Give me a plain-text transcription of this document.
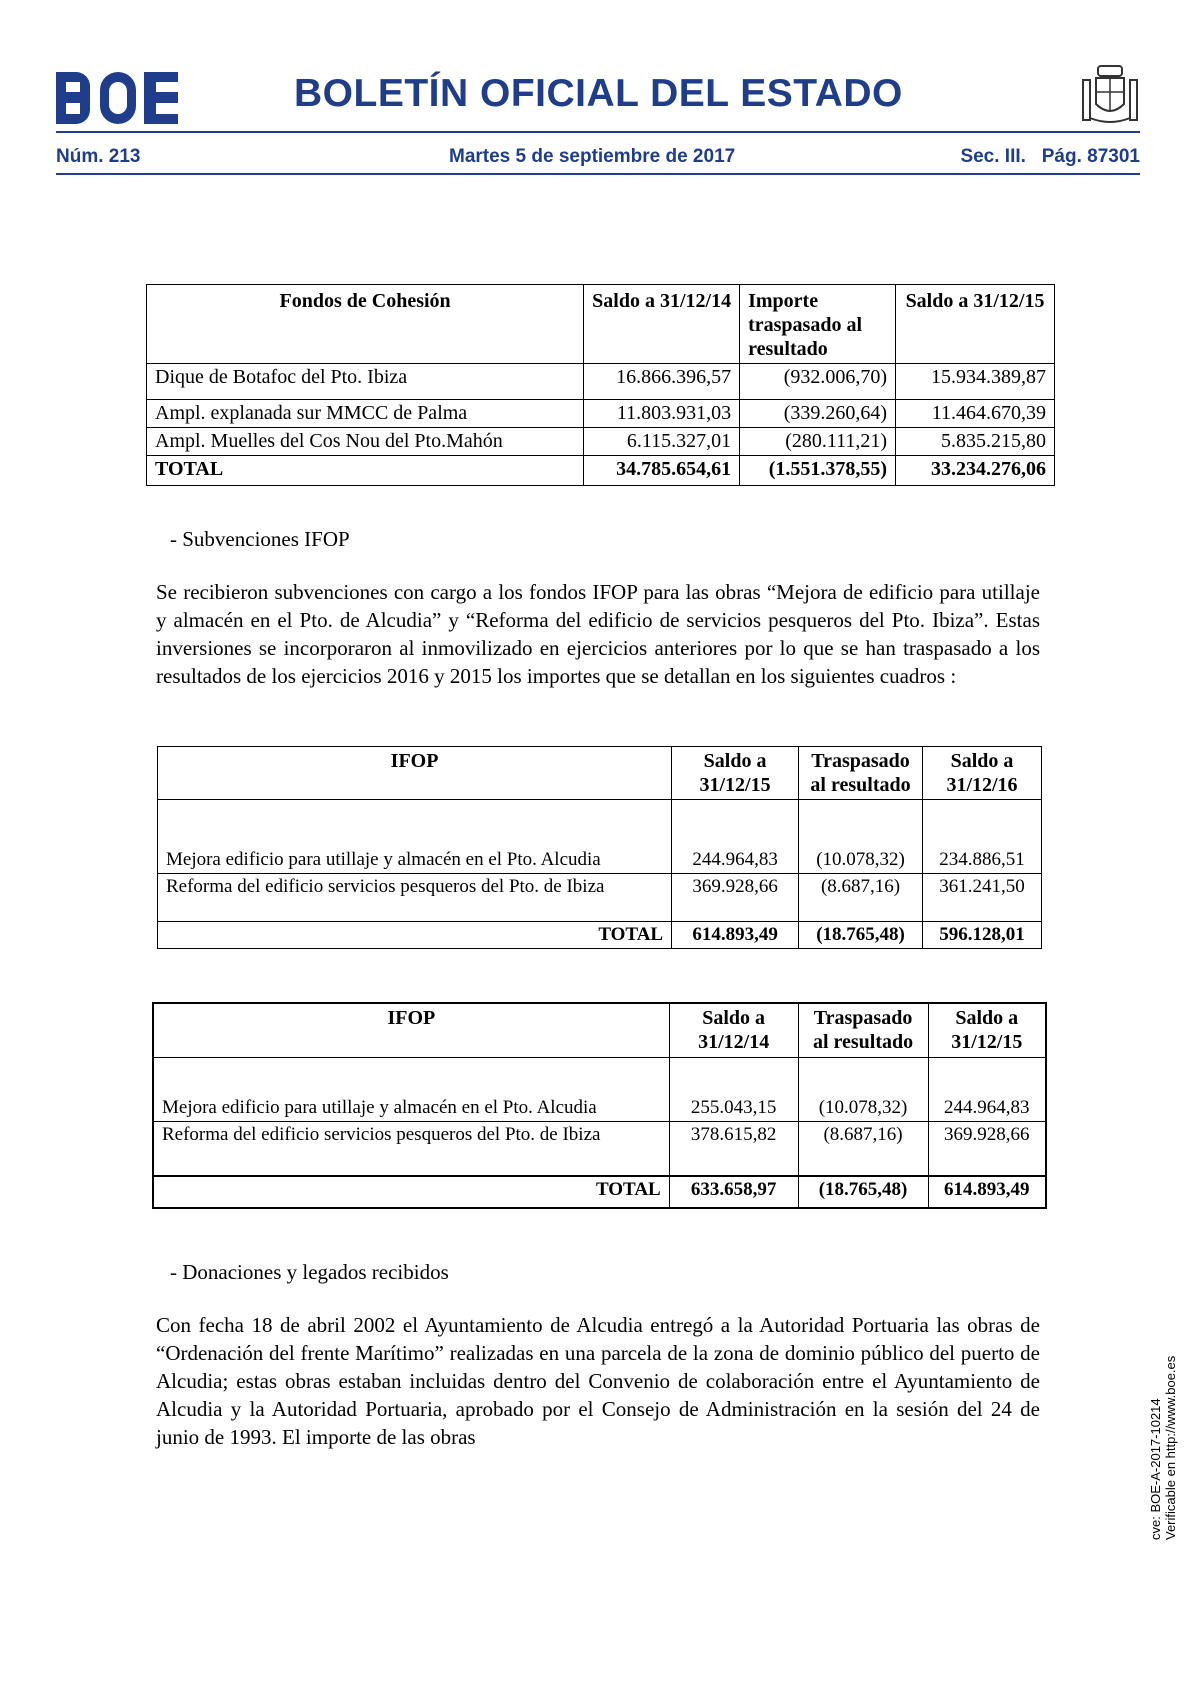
BOLETÍN OFICIAL DEL ESTADO
Núm. 213	Martes 5 de septiembre de 2017	Sec. III.   Pág. 87301
Fondos de Cohesión	Saldo a 31/12/14	Importe traspasado al resultado	Saldo a 31/12/15
Dique de Botafoc del Pto. Ibiza	16.866.396,57	(932.006,70)	15.934.389,87
Ampl. explanada sur MMCC de Palma	11.803.931,03	(339.260,64)	11.464.670,39
Ampl. Muelles del Cos Nou del Pto.Mahón	6.115.327,01	(280.111,21)	5.835.215,80
TOTAL	34.785.654,61	(1.551.378,55)	33.234.276,06
- Subvenciones IFOP
Se recibieron subvenciones con cargo a los fondos IFOP para las obras “Mejora de edificio para utillaje y almacén en el Pto. de Alcudia” y “Reforma del edificio de servicios pesqueros del Pto. Ibiza”. Estas inversiones se incorporaron al inmovilizado en ejercicios anteriores por lo que se han traspasado a los resultados de los ejercicios 2016 y 2015 los importes que se detallan en los siguientes cuadros :
IFOP	Saldo a 31/12/15	Traspasado al resultado	Saldo a 31/12/16
Mejora edificio para utillaje y almacén en el Pto. Alcudia	244.964,83	(10.078,32)	234.886,51
Reforma del edificio servicios pesqueros del Pto. de Ibiza	369.928,66	(8.687,16)	361.241,50
TOTAL	614.893,49	(18.765,48)	596.128,01
IFOP	Saldo a 31/12/14	Traspasado al resultado	Saldo a 31/12/15
Mejora edificio para utillaje y almacén en el Pto. Alcudia	255.043,15	(10.078,32)	244.964,83
Reforma del edificio servicios pesqueros del Pto. de Ibiza	378.615,82	(8.687,16)	369.928,66
TOTAL	633.658,97	(18.765,48)	614.893,49
- Donaciones y legados recibidos
Con fecha 18 de abril 2002 el Ayuntamiento de Alcudia entregó a la Autoridad Portuaria las obras de “Ordenación del frente Marítimo” realizadas en una parcela de la zona de dominio público del puerto de Alcudia; estas obras estaban incluidas dentro del Convenio de colaboración entre el Ayuntamiento de Alcudia y la Autoridad Portuaria, aprobado por el Consejo de Administración en la sesión del 24 de junio de 1993. El importe de las obras	cve: BOE-A-2017-10214 Verificable en http://www.boe.es
